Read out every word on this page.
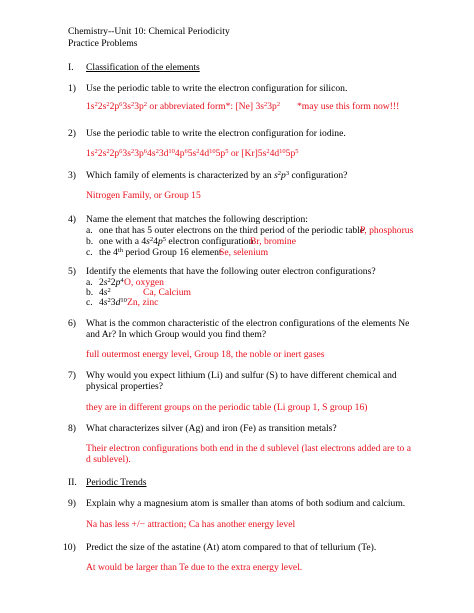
Chemistry--Unit 10: Chemical Periodicity
Practice Problems
I. Classification of the elements
1) Use the periodic table to write the electron configuration for silicon.
$1s^22s^22p^63s^23p^2$ or abbreviated form*: [Ne] $3s^23p^2$ *may use this form now!!!
2) Use the periodic table to write the electron configuration for iodine.
$1s^22s^22p^63s^23p^64s^23d^{10}4p^65s^24d^{10}5p^5$ or $[Kr]5s^24d^{10}5p^5$
3) Which family of elements is characterized by an $s^2p^3$ configuration?
Nitrogen Family, or Group 15
4) Name the element that matches the following description:
a. one that has 5 outer electrons on the third period of the periodic table
P, phosphorus
b. one with a $4s^24p^5$ electron configuration
Br, bromine
c. the 4th period Group 16 element
Se, selenium
5) Identify the elements that have the following outer electron configurations?
a. $2s^22p^4$ O, oxygen
b. $4s^2$	Ca, Calcium
c. $4s^23d^{10}$ Zn, zinc
6) What is the common characteristic of the electron configurations of the elements Ne
and Ar? In which Group would you find them?
full outermost energy level, Group 18, the noble or inert gases
7) Why would you expect lithium (Li) and sulfur (S) to have different chemical and
physical properties?
they are in different groups on the periodic table (Li group 1, S group 16)
8) What characterizes silver (Ag) and iron (Fe) as transition metals?
Their electron configurations both end in the d sublevel (last electrons added are to a
d sublevel).
II. Periodic Trends
9) Explain why a magnesium atom is smaller than atoms of both sodium and calcium.
Na has less +/− attraction; Ca has another energy level
10) Predict the size of the astatine (At) atom compared to that of tellurium (Te).
At would be larger than Te due to the extra energy level.
